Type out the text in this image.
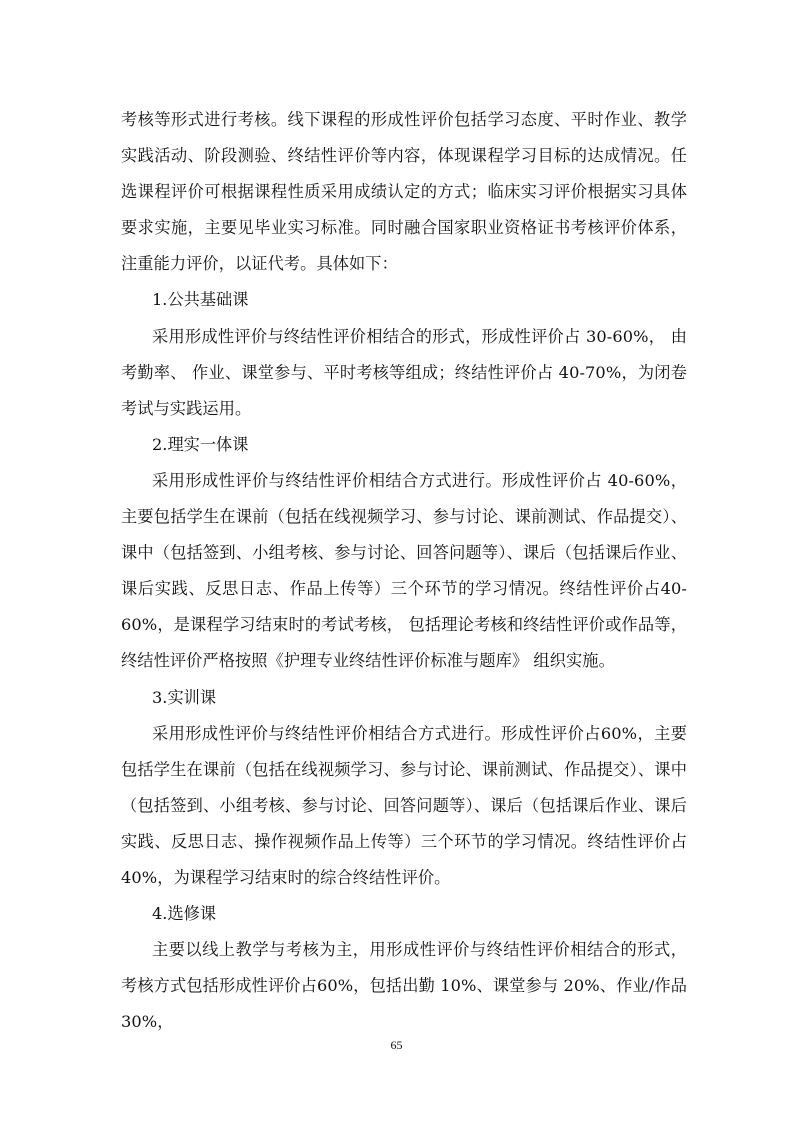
考核等形式进行考核。线下课程的形成性评价包括学习态度、平时作业、教学实践活动、阶段测验、终结性评价等内容，体现课程学习目标的达成情况。任选课程评价可根据课程性质采用成绩认定的方式；临床实习评价根据实习具体要求实施，主要见毕业实习标准。同时融合国家职业资格证书考核评价体系，注重能力评价，以证代考。具体如下：

1.公共基础课

采用形成性评价与终结性评价相结合的形式，形成性评价占 30-60%， 由考勤率、 作业、课堂参与、平时考核等组成；终结性评价占 40-70%，为闭卷考试与实践运用。

2.理实一体课

采用形成性评价与终结性评价相结合方式进行。形成性评价占 40-60%，主要包括学生在课前（包括在线视频学习、参与讨论、课前测试、作品提交）、课中（包括签到、小组考核、参与讨论、回答问题等）、课后（包括课后作业、课后实践、反思日志、作品上传等）三个环节的学习情况。终结性评价占40-60%，是课程学习结束时的考试考核， 包括理论考核和终结性评价或作品等，终结性评价严格按照《护理专业终结性评价标准与题库》 组织实施。

3.实训课

采用形成性评价与终结性评价相结合方式进行。形成性评价占60%，主要包括学生在课前（包括在线视频学习、参与讨论、课前测试、作品提交）、课中（包括签到、小组考核、参与讨论、回答问题等）、课后（包括课后作业、课后实践、反思日志、操作视频作品上传等）三个环节的学习情况。终结性评价占40%，为课程学习结束时的综合终结性评价。

4.选修课

主要以线上教学与考核为主，用形成性评价与终结性评价相结合的形式，考核方式包括形成性评价占60%，包括出勤 10%、课堂参与 20%、作业/作品 30%，

65
